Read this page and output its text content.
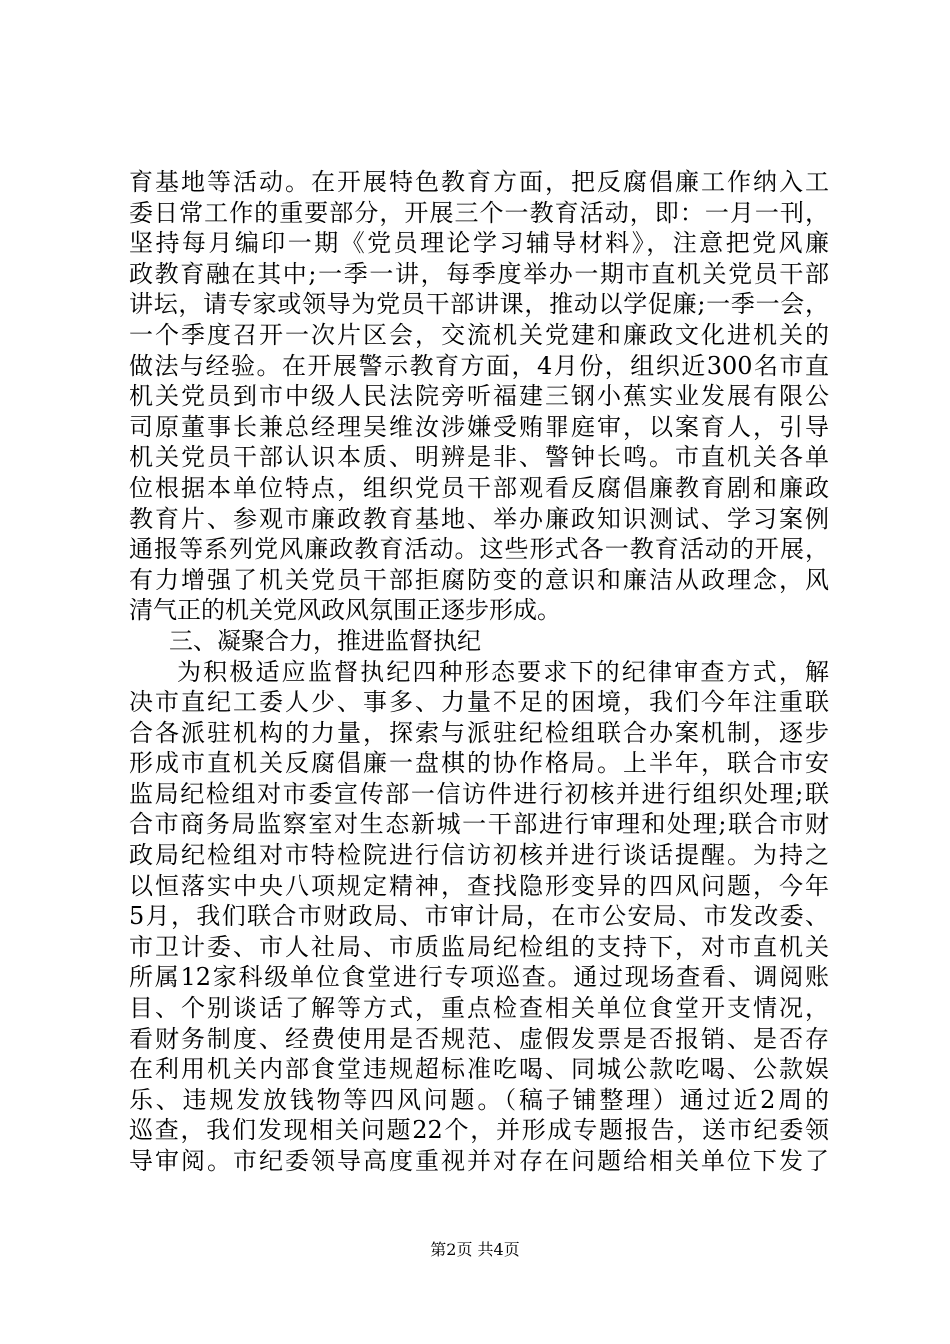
育基地等活动。在开展特色教育方面，把反腐倡廉工作纳入工
委日常工作的重要部分，开展三个一教育活动，即：一月一刊，
坚持每月编印一期《党员理论学习辅导材料》，注意把党风廉
政教育融在其中;一季一讲，每季度举办一期市直机关党员干部
讲坛，请专家或领导为党员干部讲课，推动以学促廉;一季一会，
一个季度召开一次片区会，交流机关党建和廉政文化进机关的
做法与经验。在开展警示教育方面，4月份，组织近300名市直
机关党员到市中级人民法院旁听福建三钢小蕉实业发展有限公
司原董事长兼总经理吴维汝涉嫌受贿罪庭审，以案育人，引导
机关党员干部认识本质、明辨是非、警钟长鸣。市直机关各单
位根据本单位特点，组织党员干部观看反腐倡廉教育剧和廉政
教育片、参观市廉政教育基地、举办廉政知识测试、学习案例
通报等系列党风廉政教育活动。这些形式各一教育活动的开展，
有力增强了机关党员干部拒腐防变的意识和廉洁从政理念，风
清气正的机关党风政风氛围正逐步形成。
三、凝聚合力，推进监督执纪
为积极适应监督执纪四种形态要求下的纪律审查方式，解
决市直纪工委人少、事多、力量不足的困境，我们今年注重联
合各派驻机构的力量，探索与派驻纪检组联合办案机制，逐步
形成市直机关反腐倡廉一盘棋的协作格局。上半年，联合市安
监局纪检组对市委宣传部一信访件进行初核并进行组织处理;联
合市商务局监察室对生态新城一干部进行审理和处理;联合市财
政局纪检组对市特检院进行信访初核并进行谈话提醒。为持之
以恒落实中央八项规定精神，查找隐形变异的四风问题，今年
5月，我们联合市财政局、市审计局，在市公安局、市发改委、
市卫计委、市人社局、市质监局纪检组的支持下，对市直机关
所属12家科级单位食堂进行专项巡查。通过现场查看、调阅账
目、个别谈话了解等方式，重点检查相关单位食堂开支情况，
看财务制度、经费使用是否规范、虚假发票是否报销、是否存
在利用机关内部食堂违规超标准吃喝、同城公款吃喝、公款娱
乐、违规发放钱物等四风问题。（稿子铺整理）通过近2周的
巡查，我们发现相关问题22个，并形成专题报告，送市纪委领
导审阅。市纪委领导高度重视并对存在问题给相关单位下发了
第2页 共4页
